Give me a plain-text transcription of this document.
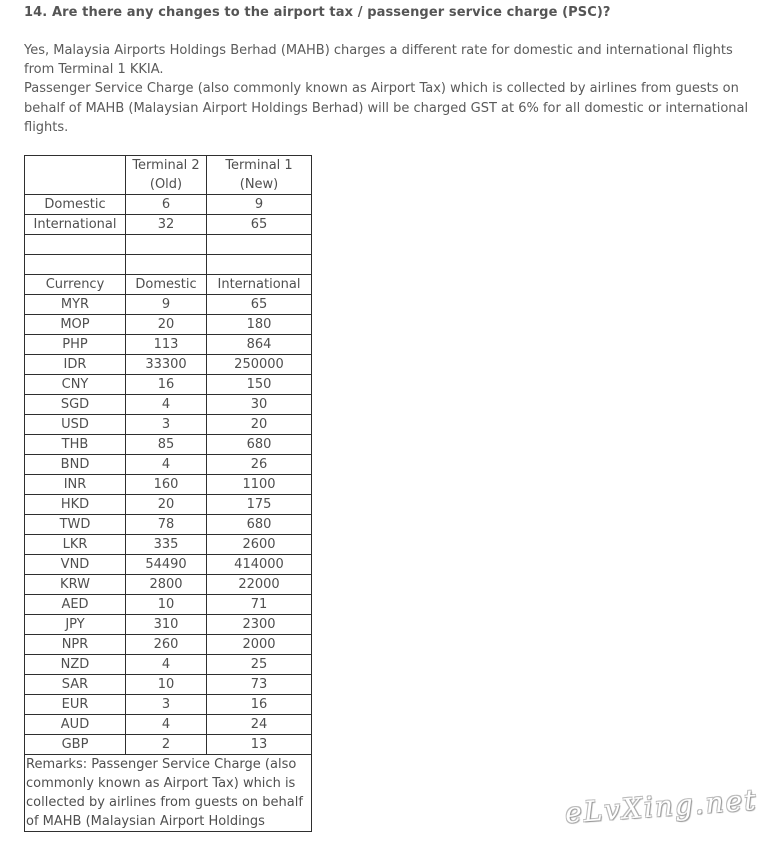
14. Are there any changes to the airport tax / passenger service charge (PSC)?

Yes, Malaysia Airports Holdings Berhad (MAHB) charges a different rate for domestic and international flights from Terminal 1 KKIA.

Passenger Service Charge (also commonly known as Airport Tax) which is collected by airlines from guests on behalf of MAHB (Malaysian Airport Holdings Berhad) will be charged GST at 6% for all domestic or international flights.

	Terminal 2 (Old)	Terminal 1 (New)
Domestic	6	9
International	32	65

Currency	Domestic	International
MYR	9	65
MOP	20	180
PHP	113	864
IDR	33300	250000
CNY	16	150
SGD	4	30
USD	3	20
THB	85	680
BND	4	26
INR	160	1100
HKD	20	175
TWD	78	680
LKR	335	2600
VND	54490	414000
KRW	2800	22000
AED	10	71
JPY	310	2300
NPR	260	2000
NZD	4	25
SAR	10	73
EUR	3	16
AUD	4	24
GBP	2	13
Remarks: Passenger Service Charge (also commonly known as Airport Tax) which is collected by airlines from guests on behalf of MAHB (Malaysian Airport Holdings			eLvXing.net
